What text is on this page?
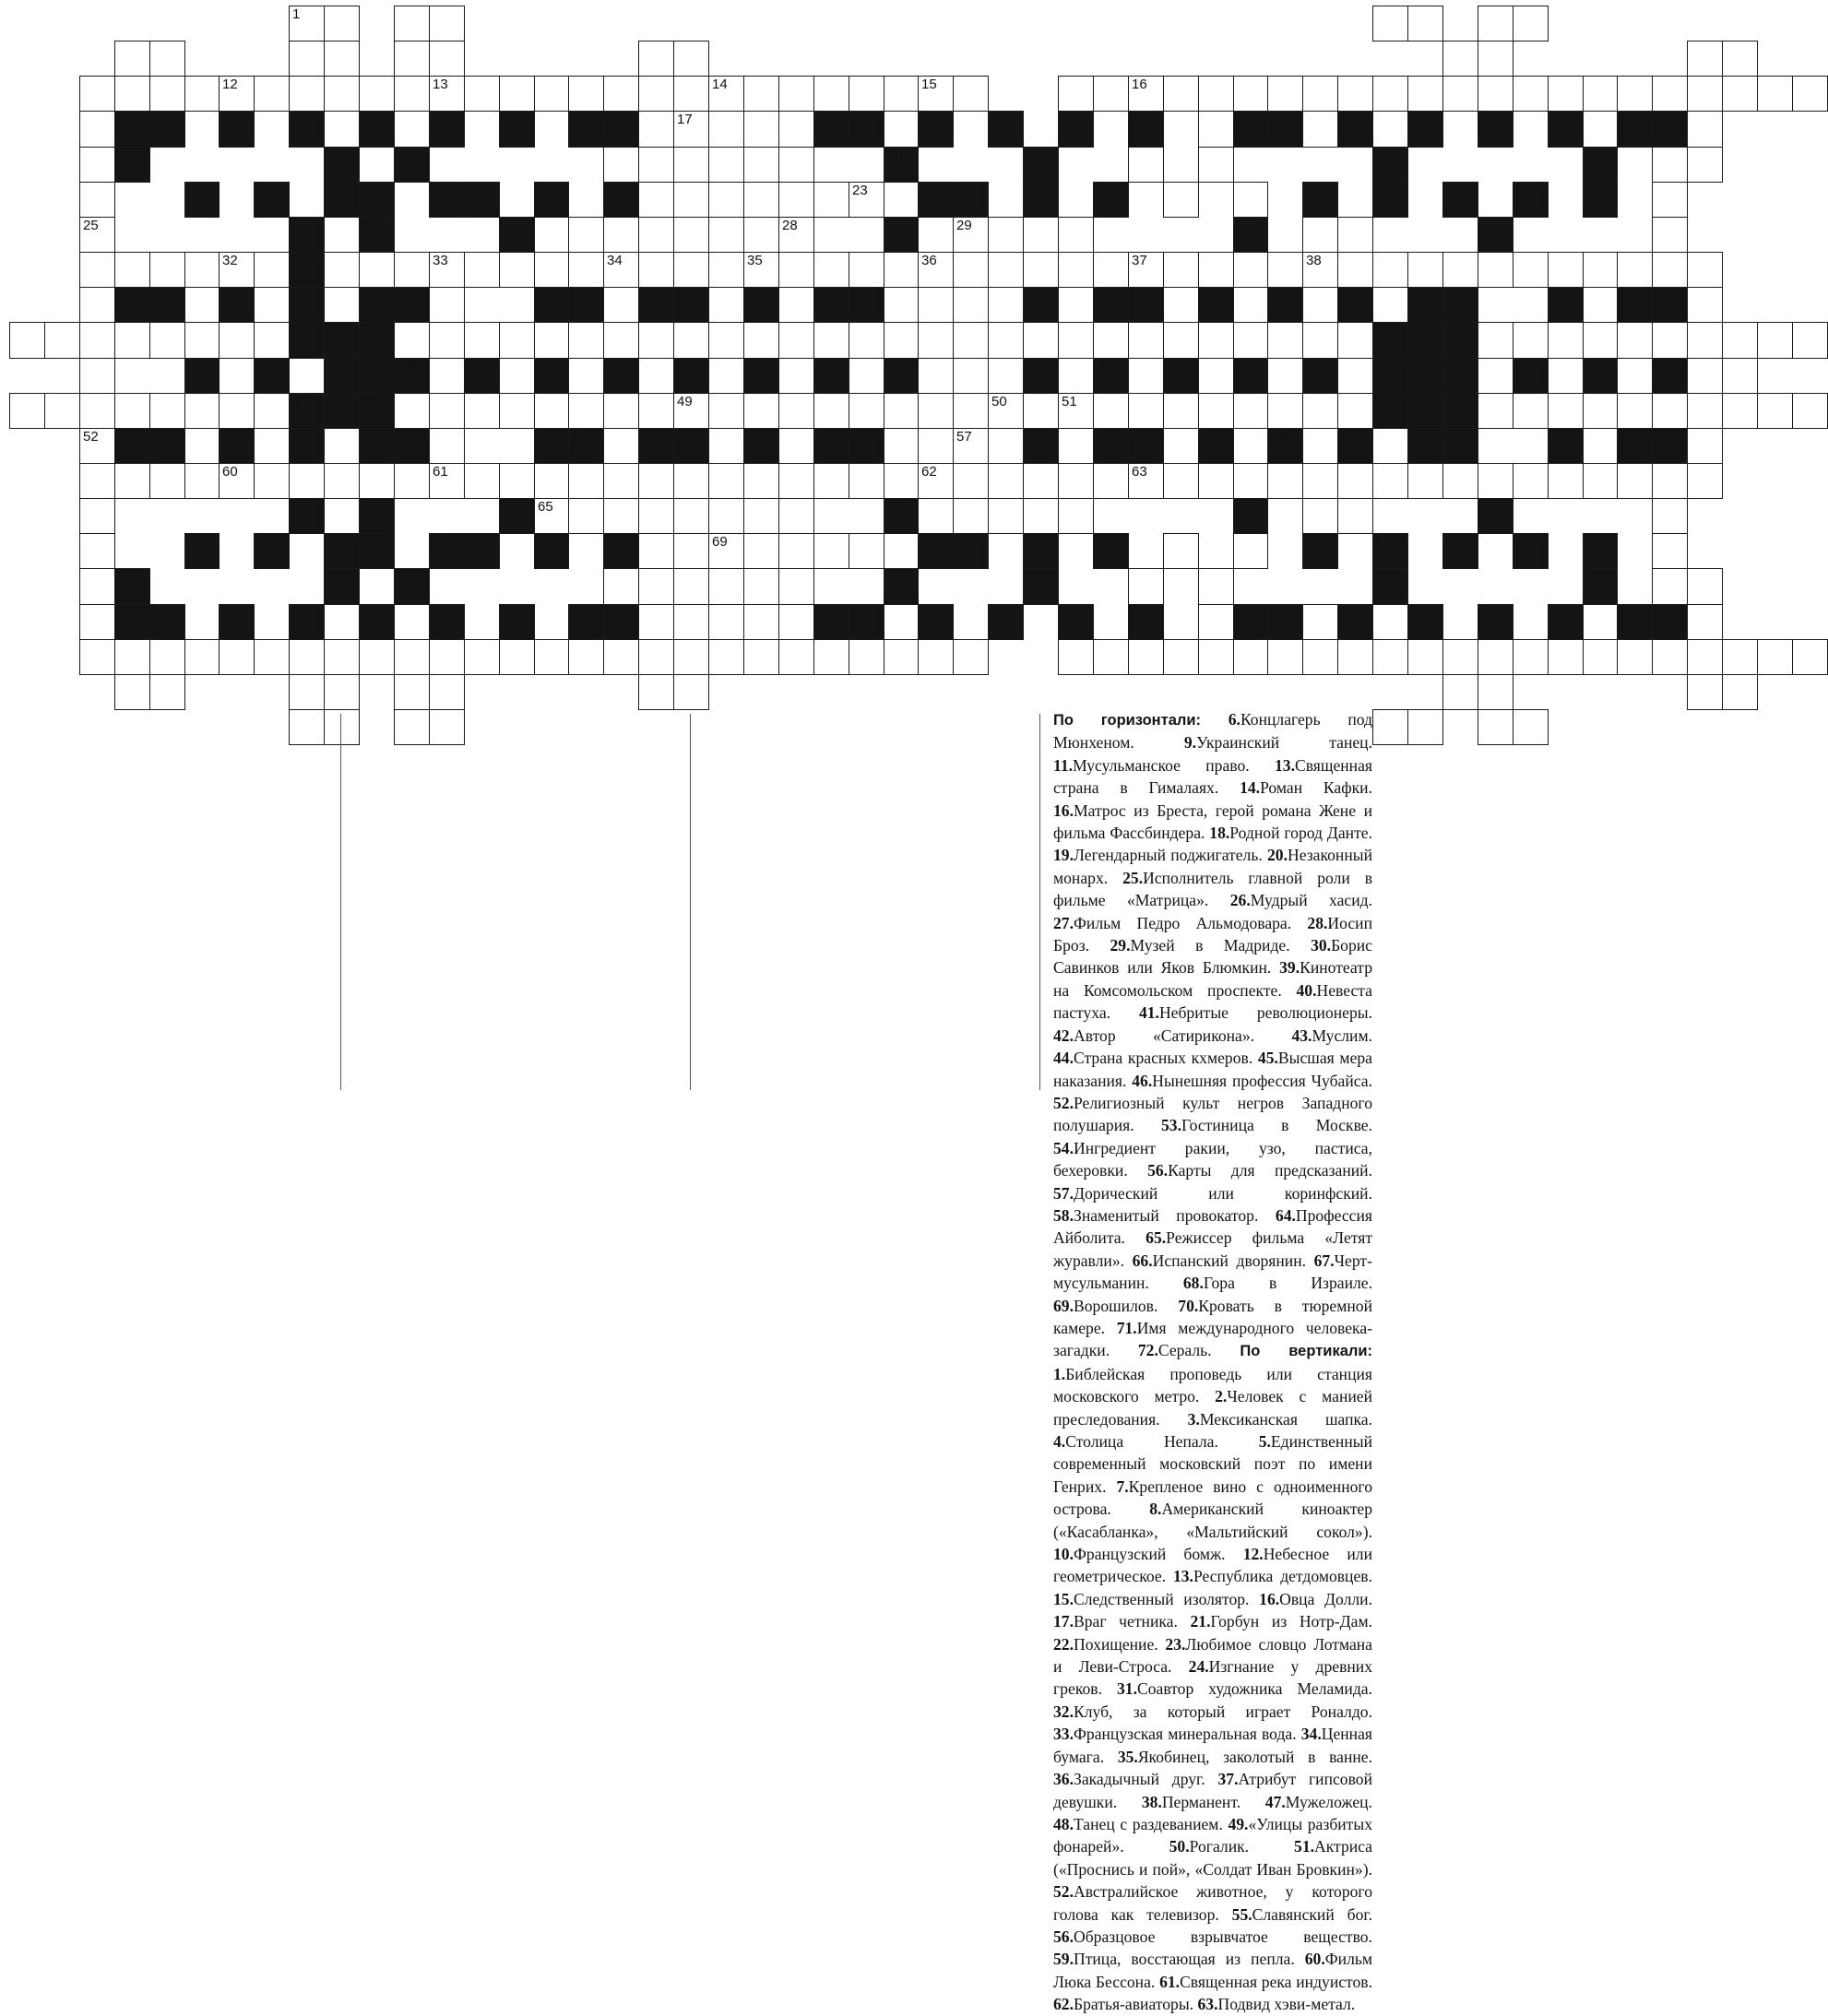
1
12	13	14	15	16
17
20
23
25	28	29
32	33	34	35	36	37	38
40	42
44	46
47	48	49	50	51
52	55	57	59
60	61	62	63
65	66
68	69
По горизонтали: 6.Концлагерь под Мюнхеном.	9.Украинский танец. 11.Мусульманское право. 13.Священная страна в Гималаях. 14.Роман Кафки. 16.Матрос из Бреста, герой романа Жене и фильма Фассбиндера. 18.Родной город Данте. 19.Легендарный поджигатель. 20.Незаконный монарх. 25.Исполнитель главной роли в фильме «Матрица». 26.Мудрый хасид. 27.Фильм Педро Альмодовара. 28.Иосип Броз. 29.Музей в Мадриде. 30.Борис Савинков или Яков Блюмкин. 39.Кинотеатр на Комсомольском проспекте. 40.Невеста пастуха. 41.Небритые революционеры. 42.Автор «Сатирикона». 43.Муслим. 44.Страна красных кхмеров. 45.Высшая мера наказания. 46.Нынешняя профессия Чубайса. 52.Религиозный культ негров Западного полушария. 53.Гостиница в Москве. 54.Ингредиент ракии, узо, пастиса, бехеровки. 56.Карты для предсказаний. 57.Дорический или коринфский. 58.Знаменитый провокатор. 64.Профессия Айболита. 65.Режиссер фильма «Летят журавли». 66.Испанский дворянин. 67.Черт-мусульманин. 68.Гора в Израиле. 69.Ворошилов. 70.Кровать в тюремной камере. 71.Имя международного человека-загадки. 72.Сераль. По вертикали: 1.Библейская проповедь или станция московского метро. 2.Человек с манией преследования. 3.Мексиканская шапка. 4.Столица Непала. 5.Единственный современный московский поэт по имени Генрих. 7.Крепленое вино с одноименного острова. 8.Американский киноактер («Касабланка», «Мальтийский сокол»). 10.Французский бомж. 12.Небесное или геометрическое. 13.Республика детдомовцев. 15.Следственный изолятор. 16.Овца Долли. 17.Враг четника. 21.Горбун из Нотр-Дам. 22.Похищение. 23.Любимое словцо Лотмана и Леви-Строса. 24.Изгнание у древних греков. 31.Соавтор художника Меламида. 32.Клуб, за который играет Роналдо. 33.Французская минеральная вода. 34.Ценная бумага. 35.Якобинец, заколотый в ванне. 36.Закадычный друг. 37.Атрибут гипсовой девушки. 38.Перманент. 47.Мужеложец. 48.Танец с раздеванием. 49.«Улицы разбитых фонарей».	50.Рогалик.	51.Актриса («Проснись и пой», «Солдат Иван Бровкин»). 52.Австралийское животное, у которого голова как телевизор. 55.Славянский бог. 56.Образцовое взрывчатое вещество. 59.Птица, восстающая из пепла. 60.Фильм Люка Бессона. 61.Священная река индуистов. 62.Братья-авиаторы. 63.Подвид хэви-метал.
